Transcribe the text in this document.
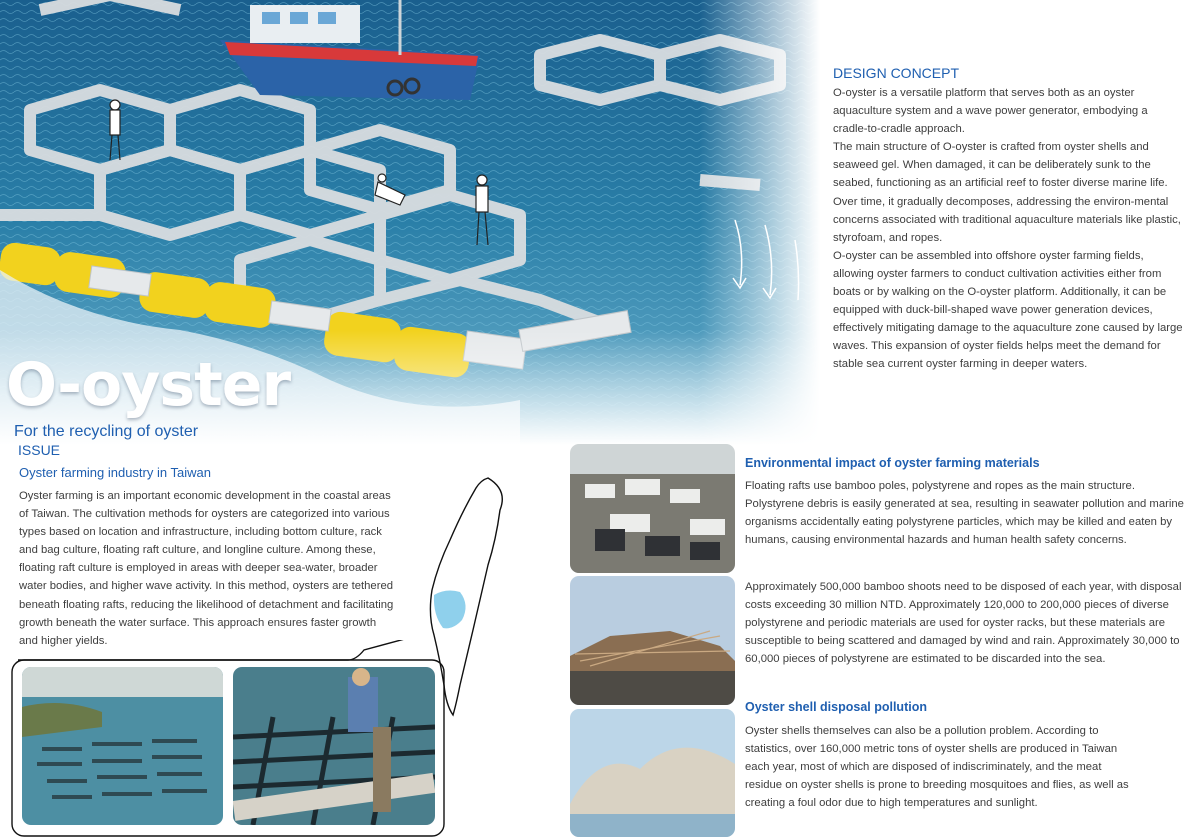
O-oyster

For the recycling of oyster

ISSUE

DESIGN CONCEPT

O-oyster is a versatile platform that serves both as an oyster aquaculture system and a wave power generator, embodying a cradle-to-cradle approach.
The main structure of O-oyster is crafted from oyster shells and seaweed gel. When damaged, it can be deliberately sunk to the seabed, functioning as an artificial reef to foster diverse marine life. Over time, it gradually decomposes, addressing the environ-mental concerns associated with traditional aquaculture materials like plastic, styrofoam, and ropes.
O-oyster can be assembled into offshore oyster farming fields, allowing oyster farmers to conduct cultivation activities either from boats or by walking on the O-oyster platform. Additionally, it can be equipped with duck-bill-shaped wave power generation devices, effectively mitigating damage to the aquaculture zone caused by large waves. This expansion of oyster fields helps meet the demand for stable sea current oyster farming in deeper waters.

Oyster farming industry in Taiwan

Oyster farming is an important economic development in the coastal areas of Taiwan. The cultivation methods for oysters are categorized into various types based on location and infrastructure, including bottom culture, rack and bag culture, floating raft culture, and longline culture. Among these, floating raft culture is employed in areas with deeper sea-water, broader water bodies, and higher wave activity. In this method, oysters are tethered beneath floating rafts, reducing the likelihood of detachment and facilitating growth beneath the water surface. This approach ensures faster growth and higher yields.

Environmental impact of oyster farming materials

Floating rafts use bamboo poles, polystyrene and ropes as the main structure. Polystyrene debris is easily generated at sea, resulting in seawater pollution and marine organisms accidentally eating polystyrene particles, which may be killed and eaten by humans, causing environmental hazards and human health safety concerns.

Approximately 500,000 bamboo shoots need to be disposed of each year, with disposal costs exceeding 30 million NTD. Approximately 120,000 to 200,000 pieces of diverse polystyrene and periodic materials are used for oyster racks, but these materials are susceptible to being scattered and damaged by wind and rain. Approximately 30,000 to 60,000 pieces of polystyrene are estimated to be discarded into the sea.

Oyster shell disposal pollution

Oyster shells themselves can also be a pollution problem. According to statistics, over 160,000 metric tons of oyster shells are produced in Taiwan each year, most of which are disposed of indiscriminately, and the meat residue on oyster shells is prone to breeding mosquitoes and flies, as well as creating a foul odor due to high temperatures and sunlight.
